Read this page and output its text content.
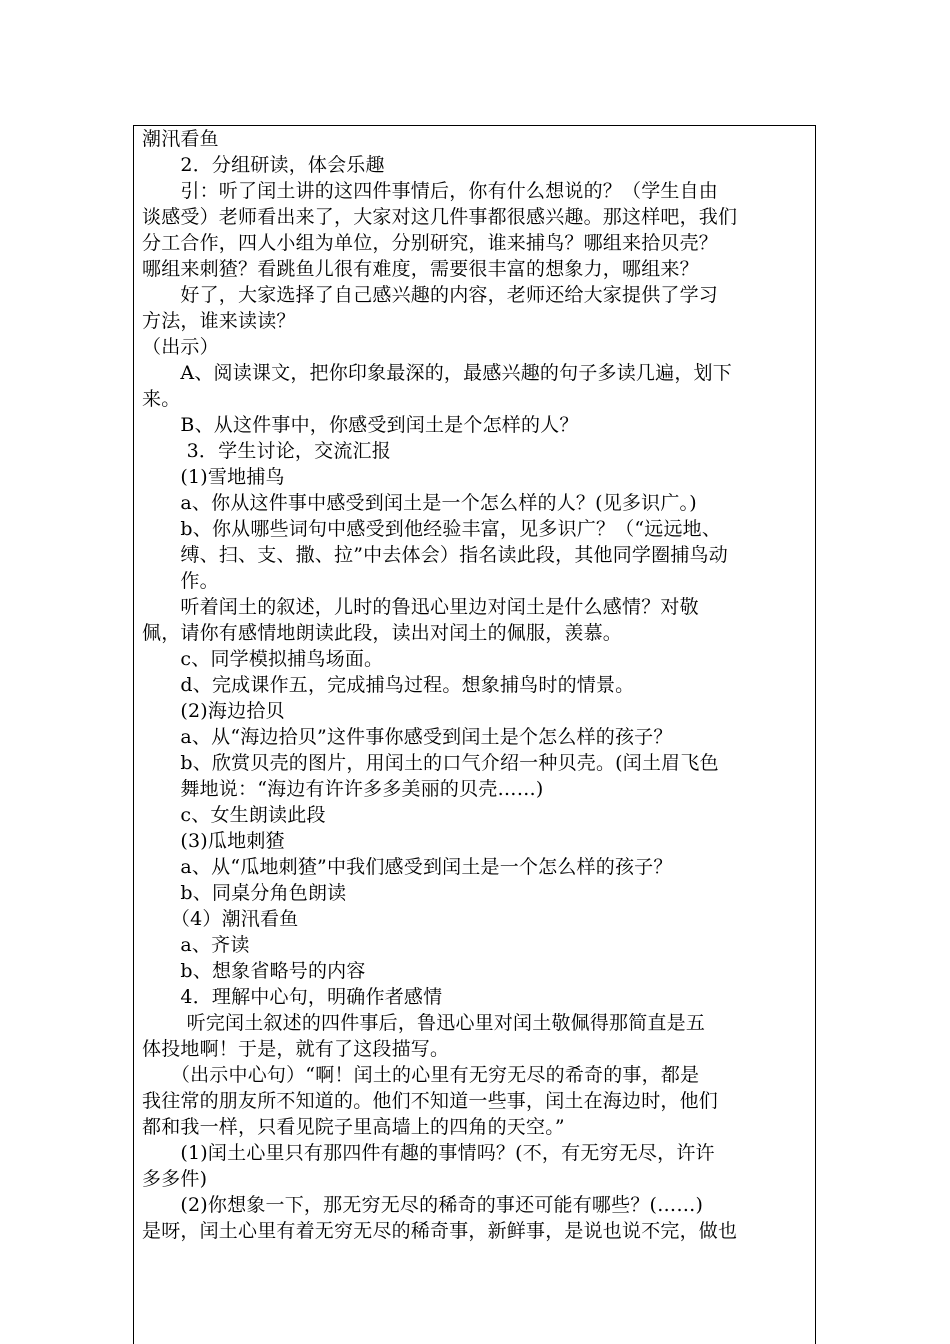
潮汛看鱼
　　2．分组研读，体会乐趣
　　引：听了闰土讲的这四件事情后，你有什么想说的？（学生自由
谈感受）老师看出来了，大家对这几件事都很感兴趣。那这样吧，我们
分工合作，四人小组为单位，分别研究，谁来捕鸟？哪组来拾贝壳？
哪组来刺猹？看跳鱼儿很有难度，需要很丰富的想象力，哪组来？
　　好了，大家选择了自己感兴趣的内容，老师还给大家提供了学习
方法，谁来读读？
（出示）
　　A、阅读课文，把你印象最深的，最感兴趣的句子多读几遍，划下
来。
　　B、从这件事中，你感受到闰土是个怎样的人？
　　 3．学生讨论，交流汇报
　　(1)雪地捕鸟
　　a、你从这件事中感受到闰土是一个怎么样的人？(见多识广。)
　　b、你从哪些词句中感受到他经验丰富，见多识广？（“远远地、
　　缚、扫、支、撒、拉”中去体会）指名读此段，其他同学圈捕鸟动
　　作。
　　听着闰土的叙述，儿时的鲁迅心里边对闰土是什么感情？对敬
佩，请你有感情地朗读此段，读出对闰土的佩服，羡慕。
　　c、同学模拟捕鸟场面。
　　d、完成课作五，完成捕鸟过程。想象捕鸟时的情景。
　　(2)海边拾贝
　　a、从“海边拾贝”这件事你感受到闰土是个怎么样的孩子？
　　b、欣赏贝壳的图片，用闰土的口气介绍一种贝壳。(闰土眉飞色
　　舞地说：“海边有许许多多美丽的贝壳……)
　　c、女生朗读此段
　　(3)瓜地刺猹
　　a、从“瓜地刺猹”中我们感受到闰土是一个怎么样的孩子？
　　b、同桌分角色朗读
　　（4）潮汛看鱼
　　a、齐读
　　b、想象省略号的内容
　　4．理解中心句，明确作者感情
　　 听完闰土叙述的四件事后，鲁迅心里对闰土敬佩得那简直是五
体投地啊！于是，就有了这段描写。
　　（出示中心句）“啊！闰土的心里有无穷无尽的希奇的事，都是
我往常的朋友所不知道的。他们不知道一些事，闰土在海边时，他们
都和我一样，只看见院子里高墙上的四角的天空。”
　　(1)闰土心里只有那四件有趣的事情吗？(不，有无穷无尽，许许
多多件)
　　(2)你想象一下，那无穷无尽的稀奇的事还可能有哪些？(……)
是呀，闰土心里有着无穷无尽的稀奇事，新鲜事，是说也说不完，做也
